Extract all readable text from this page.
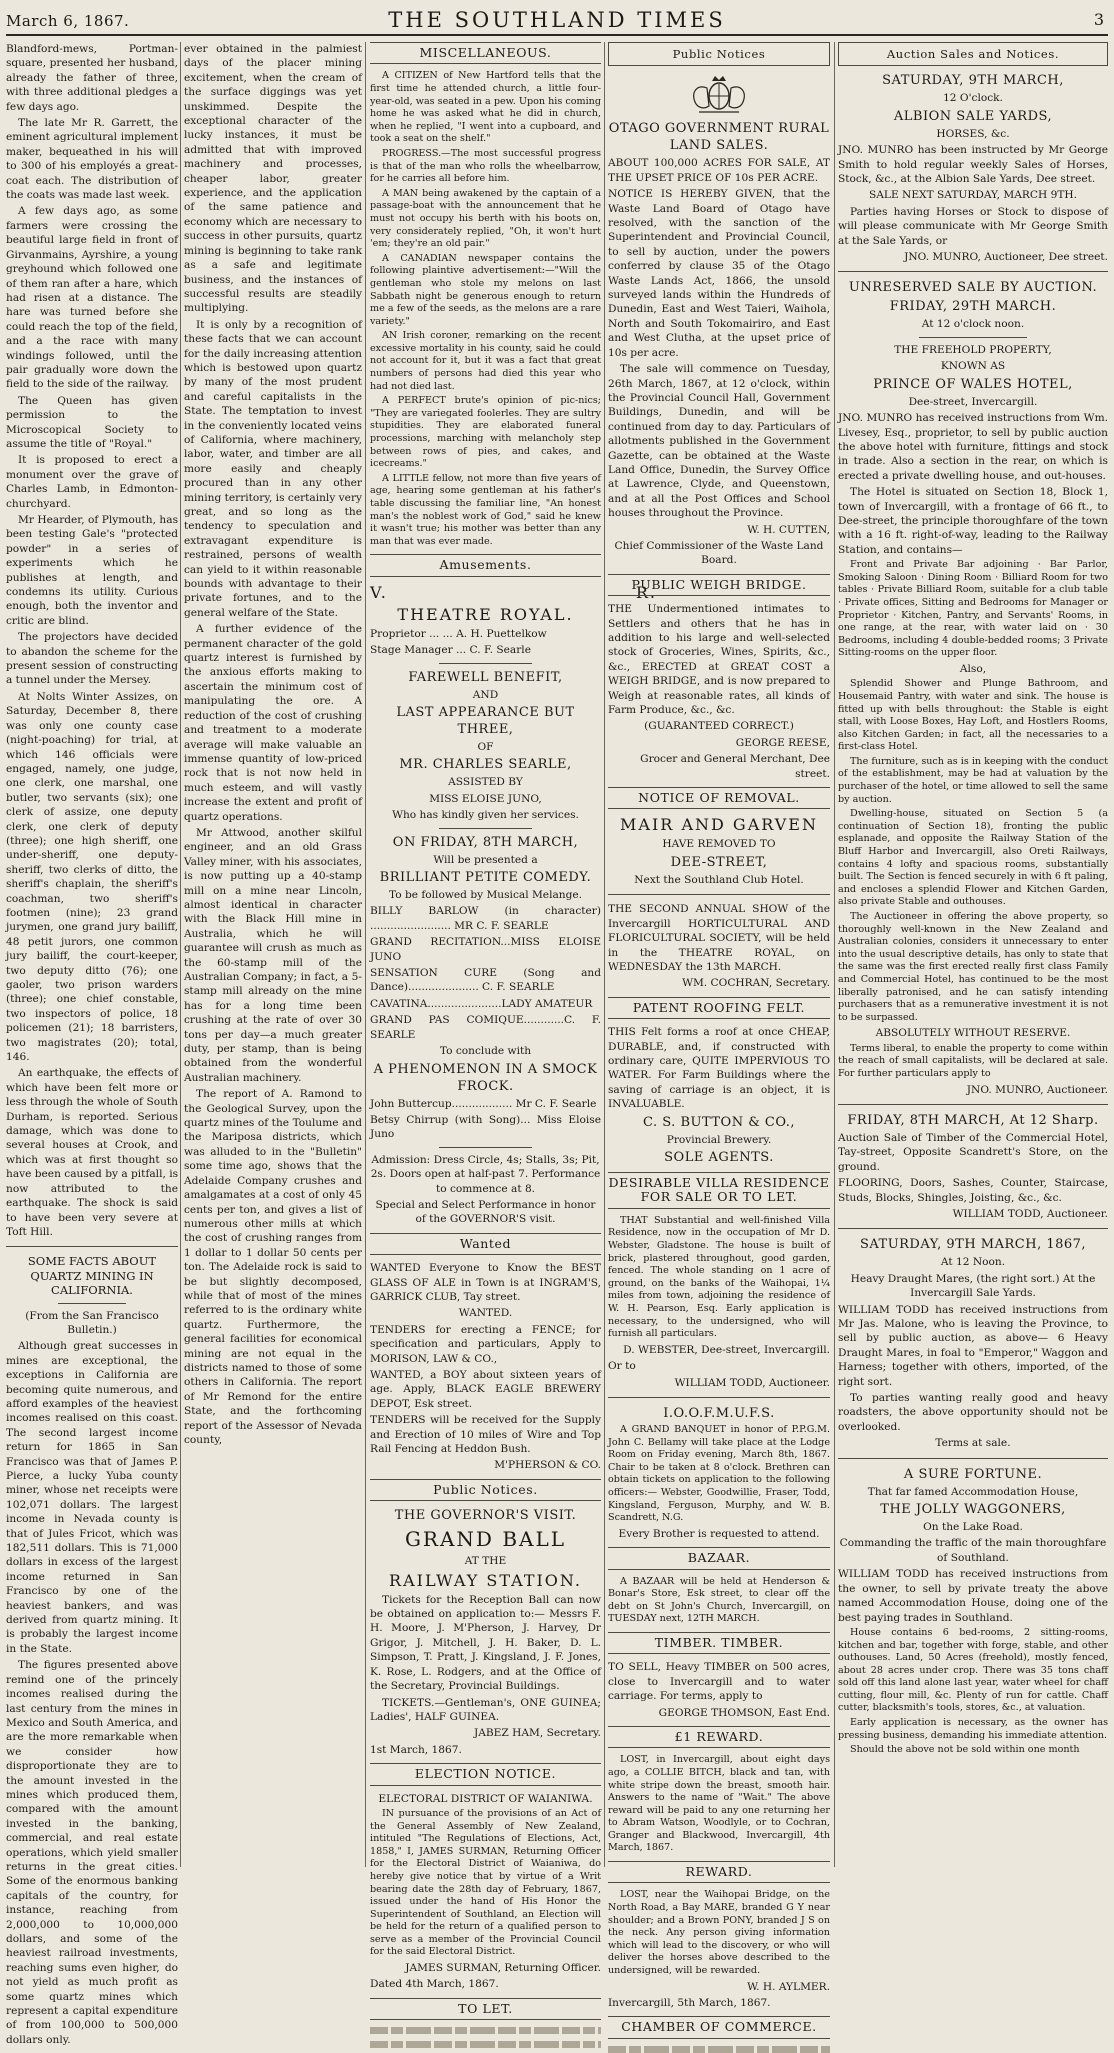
March 6, 1867.	THE SOUTHLAND TIMES	3

Blandford-mews, Portman-square, presented her husband, already the father of three, with three additional pledges a few days ago.

The late Mr R. Garrett, the eminent agricultural implement maker, bequeathed in his will to 300 of his employés a great-coat each. The distribution of the coats was made last week.

A few days ago, as some farmers were crossing the beautiful large field in front of Girvanmains, Ayrshire, a young greyhound which followed one of them ran after a hare, which had risen at a distance. The hare was turned before she could reach the top of the field, and a the race with many windings followed, until the pair gradually wore down the field to the side of the railway.

The Queen has given permission to the Microscopical Society to assume the title of "Royal."

It is proposed to erect a monument over the grave of Charles Lamb, in Edmonton-churchyard.

Mr Hearder, of Plymouth, has been testing Gale's "protected powder" in a series of experiments which he publishes at length, and condemns its utility. Curious enough, both the inventor and critic are blind.

The projectors have decided to abandon the scheme for the present session of constructing a tunnel under the Mersey.

At Nolts Winter Assizes, on Saturday, December 8, there was only one county case (night-poaching) for trial, at which 146 officials were engaged, namely, one judge, one clerk, one marshal, one butler, two servants (six); one clerk of assize, one deputy clerk, one clerk of deputy (three); one high sheriff, one under-sheriff, one deputy-sheriff, two clerks of ditto, the sheriff's chaplain, the sheriff's coachman, two sheriff's footmen (nine); 23 grand jurymen, one grand jury bailiff, 48 petit jurors, one common jury bailiff, the court-keeper, two deputy ditto (76); one gaoler, two prison warders (three); one chief constable, two inspectors of police, 18 policemen (21); 18 barristers, two magistrates (20); total, 146.

An earthquake, the effects of which have been felt more or less through the whole of South Durham, is reported. Serious damage, which was done to several houses at Crook, and which was at first thought so have been caused by a pitfall, is now attributed to the earthquake. The shock is said to have been very severe at Toft Hill.

SOME FACTS ABOUT QUARTZ MINING IN CALIFORNIA.

(From the San Francisco Bulletin.)

Although great successes in mines are exceptional, the exceptions in California are becoming quite numerous, and afford examples of the heaviest incomes realised on this coast. The second largest income return for 1865 in San Francisco was that of James P. Pierce, a lucky Yuba county miner, whose net receipts were 102,071 dollars. The largest income in Nevada county is that of Jules Fricot, which was 182,511 dollars. This is 71,000 dollars in excess of the largest income returned in San Francisco by one of the heaviest bankers, and was derived from quartz mining. It is probably the largest income in the State.

The figures presented above remind one of the princely incomes realised during the last century from the mines in Mexico and South America, and are the more remarkable when we consider how disproportionate they are to the amount invested in the mines which produced them, compared with the amount invested in the banking, commercial, and real estate operations, which yield smaller returns in the great cities. Some of the enormous banking capitals of the country, for instance, reaching from 2,000,000 to 10,000,000 dollars, and some of the heaviest railroad investments, reaching sums even higher, do not yield as much profit as some quartz mines which represent a capital expenditure of from 100,000 to 500,000 dollars only.

ever obtained in the palmiest days of the placer mining excitement, when the cream of the surface diggings was yet unskimmed. Despite the exceptional character of the lucky instances, it must be admitted that with improved machinery and processes, cheaper labor, greater experience, and the application of the same patience and economy which are necessary to success in other pursuits, quartz mining is beginning to take rank as a safe and legitimate business, and the instances of successful results are steadily multiplying.

It is only by a recognition of these facts that we can account for the daily increasing attention which is bestowed upon quartz by many of the most prudent and careful capitalists in the State. The temptation to invest in the conveniently located veins of California, where machinery, labor, water, and timber are all more easily and cheaply procured than in any other mining territory, is certainly very great, and so long as the tendency to speculation and extravagant expenditure is restrained, persons of wealth can yield to it within reasonable bounds with advantage to their private fortunes, and to the general welfare of the State.

A further evidence of the permanent character of the gold quartz interest is furnished by the anxious efforts making to ascertain the minimum cost of manipulating the ore. A reduction of the cost of crushing and treatment to a moderate average will make valuable an immense quantity of low-priced rock that is not now held in much esteem, and will vastly increase the extent and profit of quartz operations.

Mr Attwood, another skilful engineer, and an old Grass Valley miner, with his associates, is now putting up a 40-stamp mill on a mine near Lincoln, almost identical in character with the Black Hill mine in Australia, which he will guarantee will crush as much as the 60-stamp mill of the Australian Company; in fact, a 5-stamp mill already on the mine has for a long time been crushing at the rate of over 30 tons per day—a much greater duty, per stamp, than is being obtained from the wonderful Australian machinery.

The report of A. Ramond to the Geological Survey, upon the quartz mines of the Toulume and the Mariposa districts, which was alluded to in the "Bulletin" some time ago, shows that the Adelaide Company crushes and amalgamates at a cost of only 45 cents per ton, and gives a list of numerous other mills at which the cost of crushing ranges from 1 dollar to 1 dollar 50 cents per ton. The Adelaide rock is said to be but slightly decomposed, while that of most of the mines referred to is the ordinary white quartz. Furthermore, the general facilities for economical mining are not equal in the districts named to those of some others in California. The report of Mr Remond for the entire State, and the forthcoming report of the Assessor of Nevada county,

MISCELLANEOUS.

A CITIZEN of New Hartford tells that the first time he attended church, a little four-year-old, was seated in a pew. Upon his coming home he was asked what he did in church, when he replied, "I went into a cupboard, and took a seat on the shelf."

PROGRESS.—The most successful progress is that of the man who rolls the wheelbarrow, for he carries all before him.

A MAN being awakened by the captain of a passage-boat with the announcement that he must not occupy his berth with his boots on, very considerately replied, "Oh, it won't hurt 'em; they're an old pair."

A CANADIAN newspaper contains the following plaintive advertisement:—"Will the gentleman who stole my melons on last Sabbath night be generous enough to return me a few of the seeds, as the melons are a rare variety."

AN Irish coroner, remarking on the recent excessive mortality in his county, said he could not account for it, but it was a fact that great numbers of persons had died this year who had not died last.

A PERFECT brute's opinion of pic-nics; "They are variegated foolerles. They are sultry stupidities. They are elaborated funeral processions, marching with melancholy step between rows of pies, and cakes, and icecreams."

A LITTLE fellow, not more than five years of age, hearing some gentleman at his father's table discussing the familiar line, "An honest man's the noblest work of God," said he knew it wasn't true; his mother was better than any man that was ever made.

Amusements.

V.                                   R.

THEATRE ROYAL.

Proprietor ... ... A. H. Puettelkow

Stage Manager ... C. F. Searle

FAREWELL BENEFIT,

AND

LAST APPEARANCE BUT THREE,

OF

MR. CHARLES SEARLE,

ASSISTED BY

MISS ELOISE JUNO,

Who has kindly given her services.

ON FRIDAY, 8TH MARCH,

Will be presented a

BRILLIANT PETITE COMEDY.

To be followed by Musical Melange.

BILLY BARLOW (in character) ........................ MR C. F. SEARLE

GRAND RECITATION...MISS ELOISE JUNO

SENSATION CURE (Song and Dance)..................... C. F. SEARLE

CAVATINA......................LADY AMATEUR

GRAND PAS COMIQUE............C. F. SEARLE

To conclude with

A PHENOMENON IN A SMOCK FROCK.

John Buttercup.................. Mr C. F. Searle

Betsy Chirrup (with Song)... Miss Eloise Juno

Admission: Dress Circle, 4s; Stalls, 3s; Pit, 2s. Doors open at half-past 7. Performance to commence at 8.

Special and Select Performance in honor of the GOVERNOR'S visit.

Wanted

WANTED Everyone to Know the BEST GLASS OF ALE in Town is at INGRAM'S, GARRICK CLUB, Tay street.

WANTED.

TENDERS for erecting a FENCE; for specification and particulars, Apply to MORISON, LAW & CO.,

WANTED, a BOY about sixteen years of age. Apply, BLACK EAGLE BREWERY DEPOT, Esk street.

TENDERS will be received for the Supply and Erection of 10 miles of Wire and Top Rail Fencing at Heddon Bush.

M'PHERSON & CO.

Public Notices.

THE GOVERNOR'S VISIT.

GRAND BALL

AT THE

RAILWAY STATION.

Tickets for the Reception Ball can now be obtained on application to:— Messrs F. H. Moore, J. M'Pherson, J. Harvey, Dr Grigor, J. Mitchell, J. H. Baker, D. L. Simpson, T. Pratt, J. Kingsland, J. F. Jones, K. Rose, L. Rodgers, and at the Office of the Secretary, Provincial Buildings.

TICKETS.—Gentleman's, ONE GUINEA; Ladies', HALF GUINEA.

JABEZ HAM, Secretary.

1st March, 1867.

ELECTION NOTICE.

ELECTORAL DISTRICT OF WAIANIWA.

IN pursuance of the provisions of an Act of the General Assembly of New Zealand, intituled "The Regulations of Elections, Act, 1858," I, JAMES SURMAN, Returning Officer for the Electoral District of Waianiwa, do hereby give notice that by virtue of a Writ bearing date the 28th day of February, 1867, issued under the hand of His Honor the Superintendent of Southland, an Election will be held for the return of a qualified person to serve as a member of the Provincial Council for the said Electoral District.

JAMES SURMAN, Returning Officer.

Dated 4th March, 1867.

TO LET.
Public Notices

OTAGO GOVERNMENT RURAL LAND SALES.

ABOUT 100,000 ACRES FOR SALE, AT THE UPSET PRICE OF 10s PER ACRE.

NOTICE IS HEREBY GIVEN, that the Waste Land Board of Otago have resolved, with the sanction of the Superintendent and Provincial Council, to sell by auction, under the powers conferred by clause 35 of the Otago Waste Lands Act, 1866, the unsold surveyed lands within the Hundreds of Dunedin, East and West Taieri, Waihola, North and South Tokomairiro, and East and West Clutha, at the upset price of 10s per acre.

The sale will commence on Tuesday, 26th March, 1867, at 12 o'clock, within the Provincial Council Hall, Government Buildings, Dunedin, and will be continued from day to day. Particulars of allotments published in the Government Gazette, can be obtained at the Waste Land Office, Dunedin, the Survey Office at Lawrence, Clyde, and Queenstown, and at all the Post Offices and School houses throughout the Province.

W. H. CUTTEN,

Chief Commissioner of the Waste Land Board.

PUBLIC WEIGH BRIDGE.

THE Undermentioned intimates to Settlers and others that he has in addition to his large and well-selected stock of Groceries, Wines, Spirits, &c., &c., ERECTED at GREAT COST a WEIGH BRIDGE, and is now prepared to Weigh at reasonable rates, all kinds of Farm Produce, &c., &c.

(GUARANTEED CORRECT.)

GEORGE REESE,

Grocer and General Merchant, Dee street.

NOTICE OF REMOVAL.

MAIR AND GARVEN

HAVE REMOVED TO

DEE-STREET,

Next the Southland Club Hotel.

THE SECOND ANNUAL SHOW of the Invercargill HORTICULTURAL AND FLORICULTURAL SOCIETY, will be held in the THEATRE ROYAL, on WEDNESDAY the 13th MARCH.

WM. COCHRAN, Secretary.

PATENT ROOFING FELT.

THIS Felt forms a roof at once CHEAP, DURABLE, and, if constructed with ordinary care, QUITE IMPERVIOUS TO WATER. For Farm Buildings where the saving of carriage is an object, it is INVALUABLE.

C. S. BUTTON & CO.,

Provincial Brewery.

SOLE AGENTS.

DESIRABLE VILLA RESIDENCE FOR SALE OR TO LET.

THAT Substantial and well-finished Villa Residence, now in the occupation of Mr D. Webster, Gladstone. The house is built of brick, plastered throughout, good garden, fenced. The whole standing on 1 acre of ground, on the banks of the Waihopai, 1¼ miles from town, adjoining the residence of W. H. Pearson, Esq. Early application is necessary, to the undersigned, who will furnish all particulars.

D. WEBSTER, Dee-street, Invercargill.

Or to

WILLIAM TODD, Auctioneer.

I.O.O.F.M.U.F.S.

A GRAND BANQUET in honor of P.P.G.M. John C. Bellamy will take place at the Lodge Room on Friday evening, March 8th, 1867. Chair to be taken at 8 o'clock. Brethren can obtain tickets on application to the following officers:— Webster, Goodwillie, Fraser, Todd, Kingsland, Ferguson, Murphy, and W. B. Scandrett, N.G.

Every Brother is requested to attend.

BAZAAR.

A BAZAAR will be held at Henderson & Bonar's Store, Esk street, to clear off the debt on St John's Church, Invercargill, on TUESDAY next, 12TH MARCH.

TIMBER. TIMBER.

TO SELL, Heavy TIMBER on 500 acres, close to Invercargill and to water carriage. For terms, apply to

GEORGE THOMSON, East End.

£1 REWARD.

LOST, in Invercargill, about eight days ago, a COLLIE BITCH, black and tan, with white stripe down the breast, smooth hair. Answers to the name of "Wait." The above reward will be paid to any one returning her to Abram Watson, Woodlyle, or to Cochran, Granger and Blackwood, Invercargill, 4th March, 1867.

REWARD.

LOST, near the Waihopai Bridge, on the North Road, a Bay MARE, branded G Y near shoulder; and a Brown PONY, branded J S on the neck. Any person giving information which will lead to the discovery, or who will deliver the horses above described to the undersigned, will be rewarded.

W. H. AYLMER.

Invercargill, 5th March, 1867.

CHAMBER OF COMMERCE.
Auction Sales and Notices.

SATURDAY, 9TH MARCH,

12 O'clock.

ALBION SALE YARDS,

HORSES, &c.

JNO. MUNRO has been instructed by Mr George Smith to hold regular weekly Sales of Horses, Stock, &c., at the Albion Sale Yards, Dee street.

SALE NEXT SATURDAY, MARCH 9TH.

Parties having Horses or Stock to dispose of will please communicate with Mr George Smith at the Sale Yards, or

JNO. MUNRO, Auctioneer, Dee street.

UNRESERVED SALE BY AUCTION.

FRIDAY, 29TH MARCH.

At 12 o'clock noon.

THE FREEHOLD PROPERTY,

KNOWN AS

PRINCE OF WALES HOTEL,

Dee-street, Invercargill.

JNO. MUNRO has received instructions from Wm. Livesey, Esq., proprietor, to sell by public auction the above hotel with furniture, fittings and stock in trade. Also a section in the rear, on which is erected a private dwelling house, and out-houses.

The Hotel is situated on Section 18, Block 1, town of Invercargill, with a frontage of 66 ft., to Dee-street, the principle thoroughfare of the town with a 16 ft. right-of-way, leading to the Railway Station, and contains—

Front and Private Bar adjoining · Bar Parlor, Smoking Saloon · Dining Room · Billiard Room for two tables · Private Billiard Room, suitable for a club table · Private offices, Sitting and Bedrooms for Manager or Proprietor · Kitchen, Pantry, and Servants' Rooms, in one range, at the rear, with water laid on · 30 Bedrooms, including 4 double-bedded rooms; 3 Private Sitting-rooms on the upper floor.

Also,

Splendid Shower and Plunge Bathroom, and Housemaid Pantry, with water and sink. The house is fitted up with bells throughout: the Stable is eight stall, with Loose Boxes, Hay Loft, and Hostlers Rooms, also Kitchen Garden; in fact, all the necessaries to a first-class Hotel.

The furniture, such as is in keeping with the conduct of the establishment, may be had at valuation by the purchaser of the hotel, or time allowed to sell the same by auction.

Dwelling-house, situated on Section 5 (a continuation of Section 18), fronting the public esplanade, and opposite the Railway Station of the Bluff Harbor and Invercargill, also Oreti Railways, contains 4 lofty and spacious rooms, substantially built. The Section is fenced securely in with 6 ft paling, and encloses a splendid Flower and Kitchen Garden, also private Stable and outhouses.

The Auctioneer in offering the above property, so thoroughly well-known in the New Zealand and Australian colonies, considers it unnecessary to enter into the usual descriptive details, has only to state that the same was the first erected really first class Family and Commercial Hotel, has continued to be the most liberally patronised, and he can satisfy intending purchasers that as a remunerative investment it is not to be surpassed.

ABSOLUTELY WITHOUT RESERVE.

Terms liberal, to enable the property to come within the reach of small capitalists, will be declared at sale. For further particulars apply to

JNO. MUNRO, Auctioneer.

FRIDAY, 8TH MARCH, At 12 Sharp.

Auction Sale of Timber of the Commercial Hotel, Tay-street, Opposite Scandrett's Store, on the ground.

FLOORING, Doors, Sashes, Counter, Staircase, Studs, Blocks, Shingles, Joisting, &c., &c.

WILLIAM TODD, Auctioneer.

SATURDAY, 9TH MARCH, 1867,

At 12 Noon.

Heavy Draught Mares, (the right sort.) At the Invercargill Sale Yards.

WILLIAM TODD has received instructions from Mr Jas. Malone, who is leaving the Province, to sell by public auction, as above— 6 Heavy Draught Mares, in foal to "Emperor," Waggon and Harness; together with others, imported, of the right sort.

To parties wanting really good and heavy roadsters, the above opportunity should not be overlooked.

Terms at sale.

A SURE FORTUNE.

That far famed Accommodation House,

THE JOLLY WAGGONERS,

On the Lake Road.

Commanding the traffic of the main thoroughfare of Southland.

WILLIAM TODD has received instructions from the owner, to sell by private treaty the above named Accommodation House, doing one of the best paying trades in Southland.

House contains 6 bed-rooms, 2 sitting-rooms, kitchen and bar, together with forge, stable, and other outhouses. Land, 50 Acres (freehold), mostly fenced, about 28 acres under crop. There was 35 tons chaff sold off this land alone last year, water wheel for chaff cutting, flour mill, &c. Plenty of run for cattle. Chaff cutter, blacksmith's tools, stores, &c., at valuation.

Early application is necessary, as the owner has pressing business, demanding his immediate attention.

Should the above not be sold within one month
